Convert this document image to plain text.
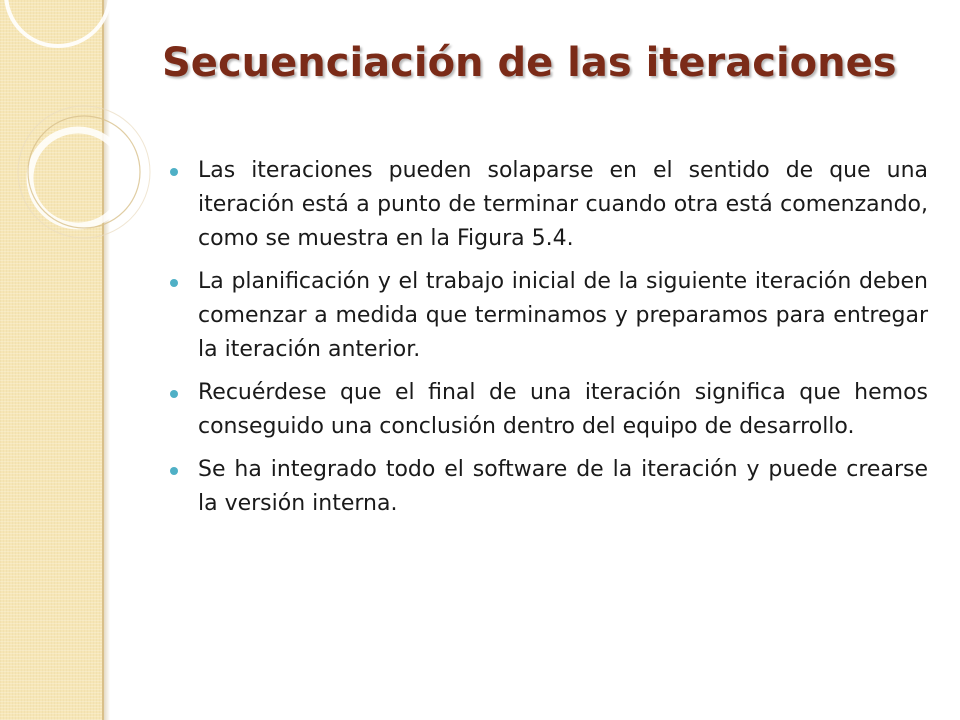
Secuenciación de las iteraciones
Las iteraciones pueden solaparse en el sentido de que una iteración está a punto de terminar cuando otra está comenzando, como se muestra en la Figura 5.4.
La planificación y el trabajo inicial de la siguiente iteración deben comenzar a medida que terminamos y preparamos para entregar la iteración anterior.
Recuérdese que el final de una iteración significa que hemos conseguido una conclusión dentro del equipo de desarrollo.
Se ha integrado todo el software de la iteración y puede crearse la versión interna.
